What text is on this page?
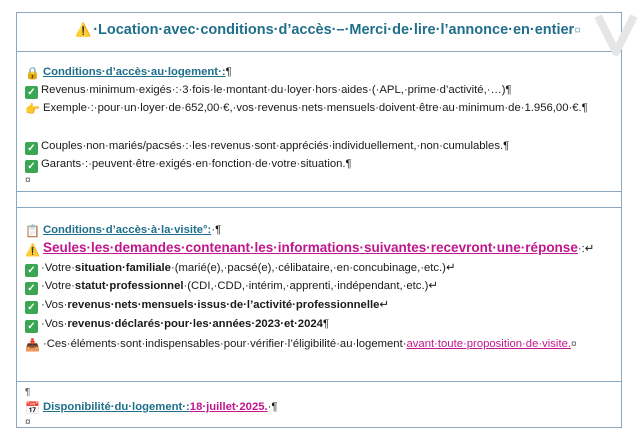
⚠️ ·Location·avec·conditions·d’accès·–·Merci·de·lire·l’annonce·en·entier¤
🔒 Conditions·d’accès·au·logement·:¶
✓ Revenus·minimum·exigés·:·3·fois·le·montant·du·loyer·hors·aides·(·APL,·prime·d’activité,·…)¶
👉 Exemple·:·pour·un·loyer·de·652,00·€,·vos·revenus·nets·mensuels·doivent·être·au·minimum·de·1.956,00·€.¶
✓ Couples·non·mariés/pacsés·:·les·revenus·sont·appréciés·individuellement,·non·cumulables.¶
✓ Garants·:·peuvent·être·exigés·en·fonction·de·votre·situation.¶
¤
📋 Conditions·d’accès·à·la·visite°:·¶
⚠️ Seules·les·demandes·contenant·les·informations·suivantes·recevront·une·réponse·:↵
✓ ·Votre·situation·familiale·(marié(e),·pacsé(e),·célibataire,·en·concubinage,·etc.)↵
✓ ·Votre·statut·professionnel·(CDI,·CDD,·intérim,·apprenti,·indépendant,·etc.)↵
✓ ·Vos·revenus·nets·mensuels·issus·de·l’activité·professionnelle↵
✓ ·Vos·revenus·déclarés·pour·les·années·2023·et·2024¶
📥 ·Ces·éléments·sont·indispensables·pour·vérifier·l’éligibilité·au·logement·avant·toute·proposition·de·visite.¤
¶
📅 Disponibilité·du·logement·:18·juillet·2025.·¶
¤
